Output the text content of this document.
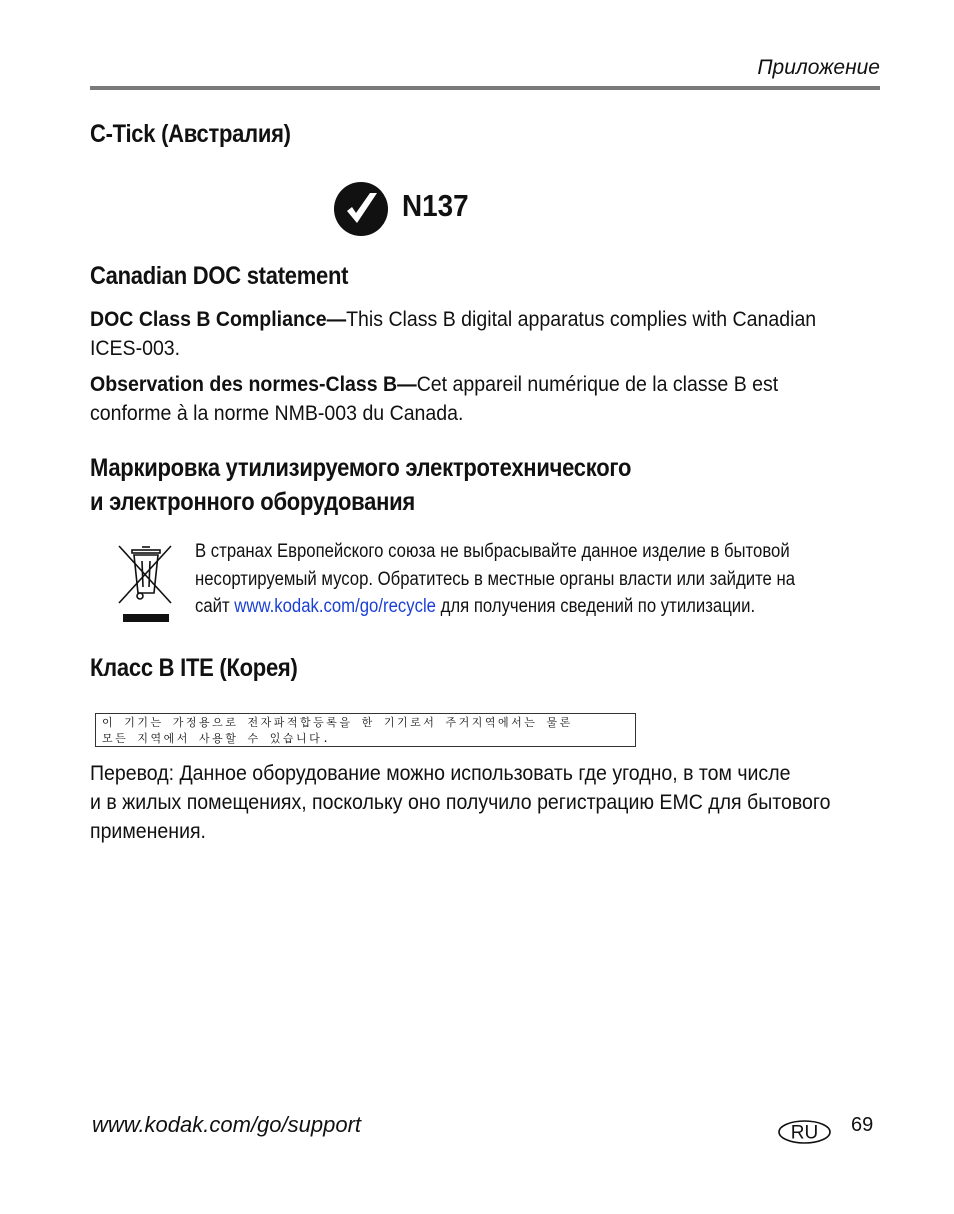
Приложение
C-Tick (Австралия)
N137
Canadian DOC statement
DOC Class B Compliance—This Class B digital apparatus complies with Canadian
ICES-003.
Observation des normes-Class B—Cet appareil numérique de la classe B est
conforme à la norme NMB-003 du Canada.
Маркировка утилизируемого электротехнического
и электронного оборудования
В странах Европейского союза не выбрасывайте данное изделие в бытовой
несортируемый мусор. Обратитесь в местные органы власти или зайдите на
сайт www.kodak.com/go/recycle для получения сведений по утилизации.
Класс B ITE (Корея)
이 기기는 가정용으로 전자파적합등록을 한 기기로서 주거지역에서는 물론
모든 지역에서 사용할 수 있습니다.
Перевод: Данное оборудование можно использовать где угодно, в том числе
и в жилых помещениях, поскольку оно получило регистрацию EMC для бытового
применения.
www.kodak.com/go/support	RU 69
